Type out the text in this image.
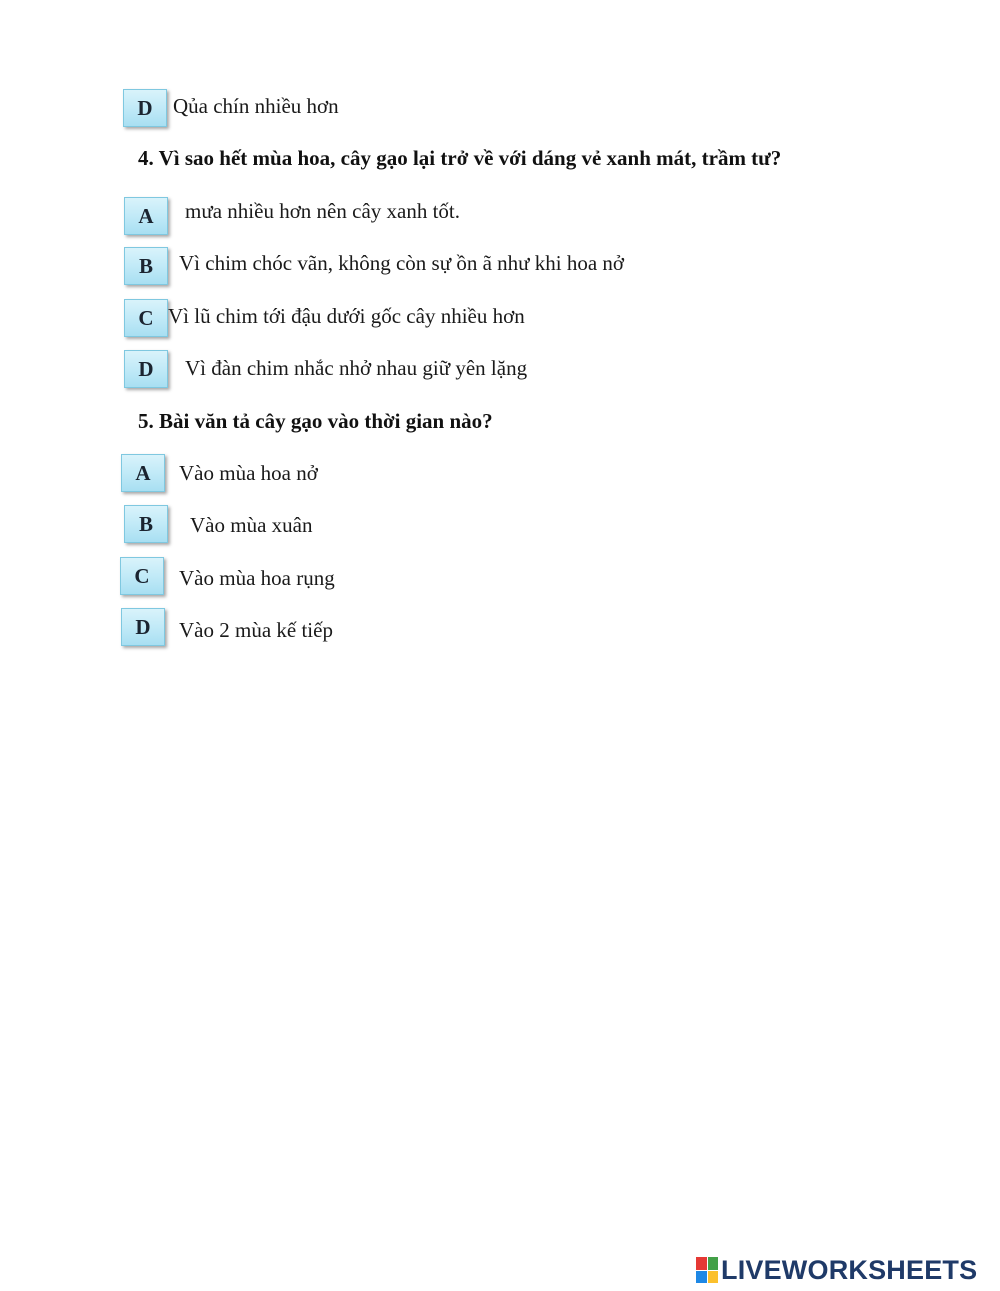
D Qủa chín nhiều hơn
4. Vì sao hết mùa hoa, cây gạo lại trở về với dáng vẻ xanh mát, trầm tư?
A	mưa nhiều hơn nên cây xanh tốt.
B	Vì chim chóc vãn, không còn sự ồn ã như khi hoa nở
C Vì lũ chim tới đậu dưới gốc cây nhiều hơn
D	Vì đàn chim nhắc nhở nhau giữ yên lặng
5. Bài văn tả cây gạo vào thời gian nào?
A	Vào mùa hoa nở
B	Vào mùa xuân
C	Vào mùa hoa rụng
D	Vào 2 mùa kế tiếp
LIVEWORKSHEETS
